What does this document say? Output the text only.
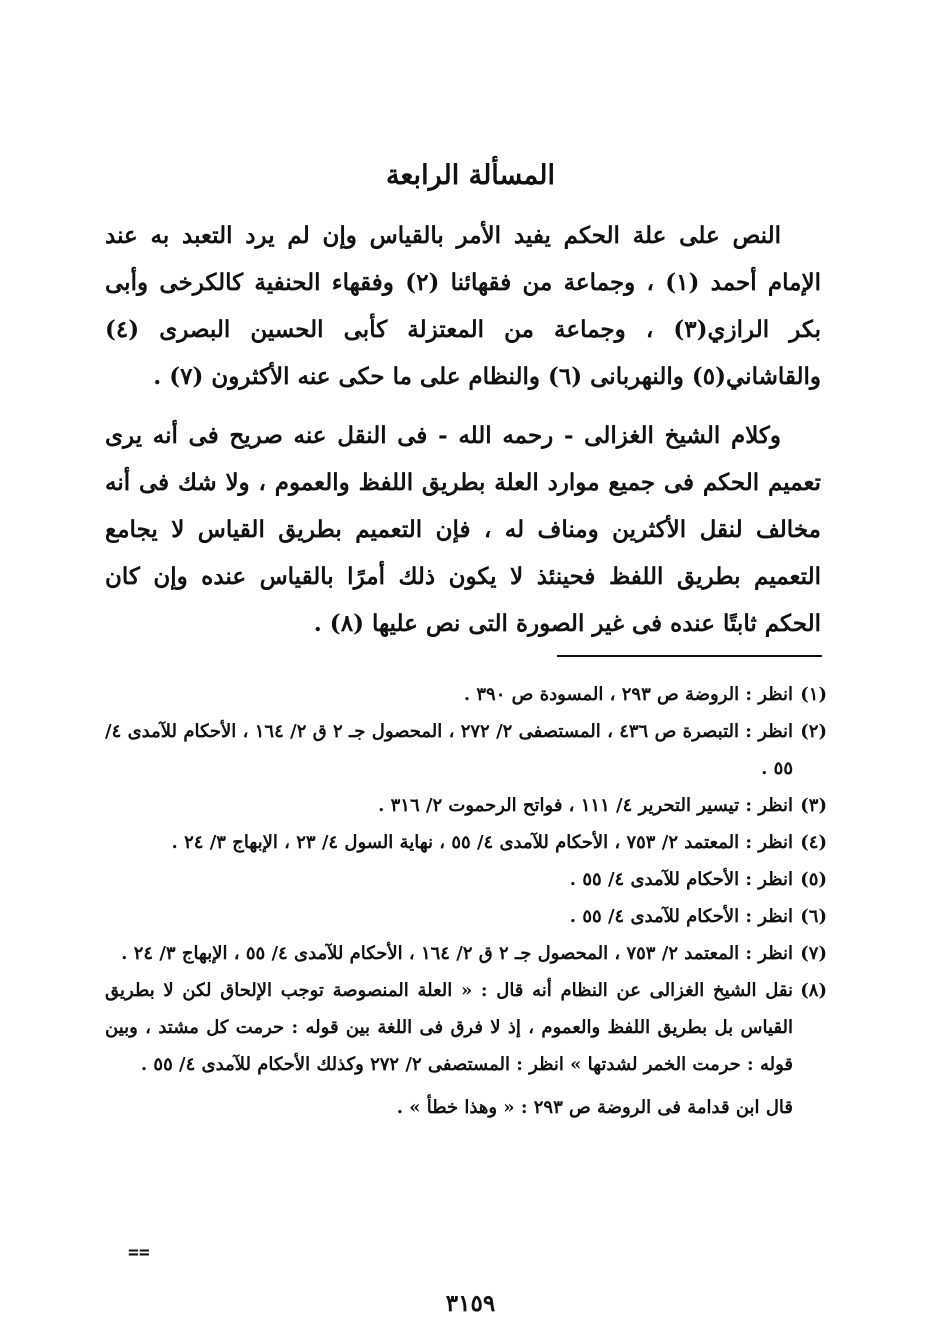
المسألة الرابعة

النص على علة الحكم يفيد الأمر بالقياس وإن لم يرد التعبد به عند الإمام أحمد (١) ، وجماعة من فقهائنا (٢) وفقهاء الحنفية كالكرخى وأبى بكر الرازي(٣) ، وجماعة من المعتزلة كأبى الحسين البصرى (٤) والقاشاني(٥) والنهربانى (٦) والنظام على ما حكى عنه الأكثرون (٧) .

وكلام الشيخ الغزالى - رحمه الله - فى النقل عنه صريح فى أنه يرى تعميم الحكم فى جميع موارد العلة بطريق اللفظ والعموم ، ولا شك فى أنه مخالف لنقل الأكثرين ومناف له ، فإن التعميم بطريق القياس لا يجامع التعميم بطريق اللفظ فحينئذ لا يكون ذلك أمرًا بالقياس عنده وإن كان الحكم ثابتًا عنده فى غير الصورة التى نص عليها (٨) .

(١)
انظر : الروضة ص ٢٩٣ ، المسودة ص ٣٩٠ .
(٢)
انظر : التبصرة ص ٤٣٦ ، المستصفى ٢/ ٢٧٢ ، المحصول جـ ٢ ق ٢/ ١٦٤ ، الأحكام للآمدى ٤/ ٥٥ .
(٣)
انظر : تيسير التحرير ٤/ ١١١ ، فواتح الرحموت ٢/ ٣١٦ .
(٤)
انظر : المعتمد ٢/ ٧٥٣ ، الأحكام للآمدى ٤/ ٥٥ ، نهاية السول ٤/ ٢٣ ، الإبهاج ٣/ ٢٤ .
(٥)
انظر : الأحكام للآمدى ٤/ ٥٥ .
(٦)
انظر : الأحكام للآمدى ٤/ ٥٥ .
(٧)
انظر : المعتمد ٢/ ٧٥٣ ، المحصول جـ ٢ ق ٢/ ١٦٤ ، الأحكام للآمدى ٤/ ٥٥ ، الإبهاج ٣/ ٢٤ .
(٨)
نقل الشيخ الغزالى عن النظام أنه قال : « العلة المنصوصة توجب الإلحاق لكن لا بطريق القياس بل بطريق اللفظ والعموم ، إذ لا فرق فى اللغة بين قوله : حرمت كل مشتد ، وبين قوله : حرمت الخمر لشدتها » انظر : المستصفى ٢/ ٢٧٢ وكذلك الأحكام للآمدى ٤/ ٥٥ .
قال ابن قدامة فى الروضة ص ٢٩٣ : « وهذا خطأ » .
==
٣١٥٩
